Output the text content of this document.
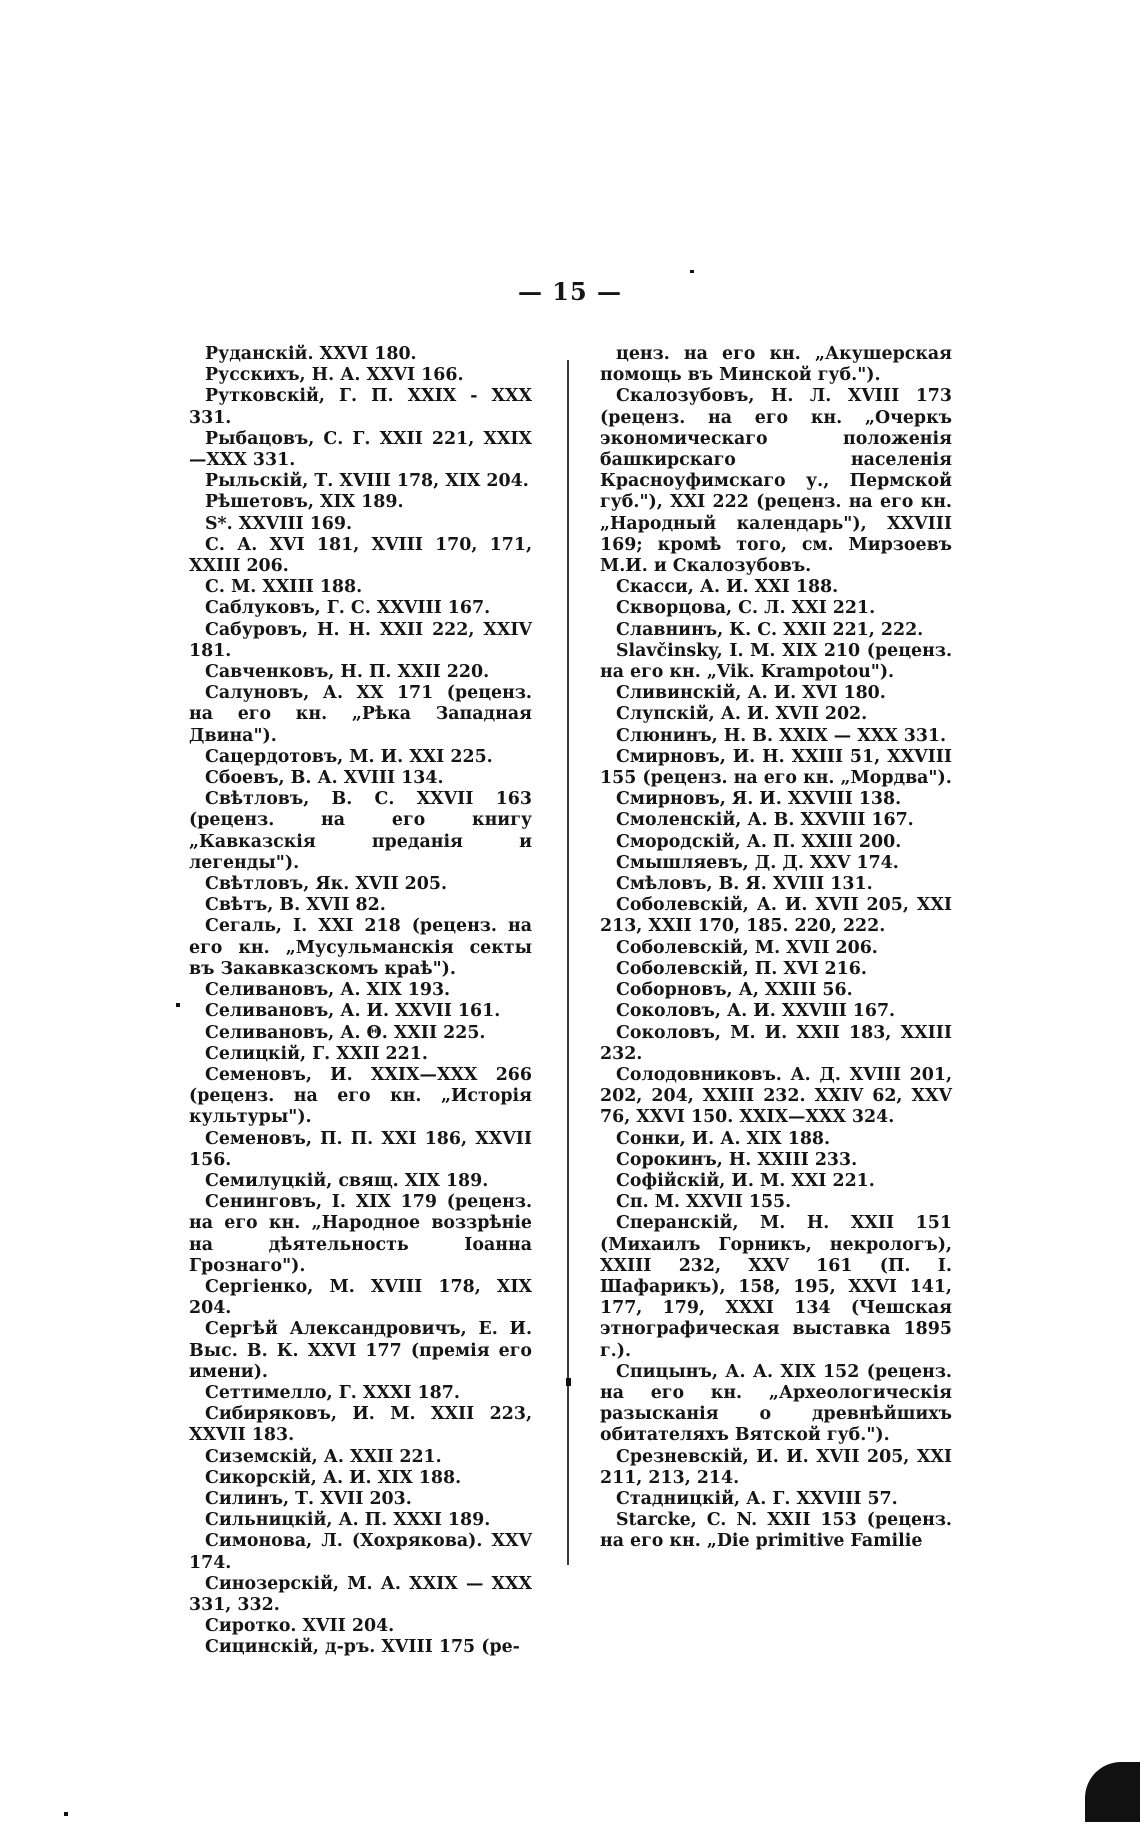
— 15 —

Руданскій. XXVI 180.

Русскихъ, Н. А. XXVI 166.

Рутковскій, Г. П. XXIX - XXX 331.

Рыбацовъ, С. Г. XXII 221, XXIX—XXX 331.

Рыльскій, Т. XVIII 178, XIX 204.

Рѣшетовъ, XIX 189.

S*. XXVIII 169.

С. А. XVI 181, XVIII 170, 171, XXIII 206.

С. М. XXIII 188.

Саблуковъ, Г. С. XXVIII 167.

Сабуровъ, Н. Н. XXII 222, XXIV 181.

Савченковъ, Н. П. XXII 220.

Салуновъ, А. XX 171 (реценз. на его кн. „Рѣка Западная Двина").

Сацердотовъ, М. И. XXI 225.

Сбоевъ, В. А. XVIII 134.

Свѣтловъ, В. С. XXVII 163 (реценз. на его книгу „Кавказскія преданія и легенды").

Свѣтловъ, Як. XVII 205.

Свѣтъ, В. XVII 82.

Сегаль, I. XXI 218 (реценз. на его кн. „Мусульманскія секты въ Закавказскомъ краѣ").

Селивановъ, А. XIX 193.

Селивановъ, А. И. XXVII 161.

Селивановъ, А. Θ. XXII 225.

Селицкій, Г. XXII 221.

Семеновъ, И. XXIX—XXX 266 (реценз. на его кн. „Исторія культуры").

Семеновъ, П. П. XXI 186, XXVII 156.

Семилуцкій, свящ. XIX 189.

Сенинговъ, I. XIX 179 (реценз. на его кн. „Народное воззрѣніе на дѣятельность Іоанна Грознаго").

Сергіенко, М. XVIII 178, XIX 204.

Сергѣй Александровичъ, Е. И. Выс. В. К. XXVI 177 (премія его имени).

Сеттимелло, Г. XXXI 187.

Сибиряковъ, И. М. XXII 223, XXVII 183.

Сиземскій, А. XXII 221.

Сикорскій, А. И. XIX 188.

Силинъ, Т. XVII 203.

Сильницкій, А. П. XXXI 189.

Симонова, Л. (Хохрякова). XXV 174.

Синозерскій, М. А. XXIX — XXX 331, 332.

Сиротко. XVII 204.

Сицинскій, д-ръ. XVIII 175 (ре-

ценз. на его кн. „Акушерская помощь въ Минской губ.").

Скалозубовъ, Н. Л. XVIII 173 (реценз. на его кн. „Очеркъ экономическаго положенія башкирскаго населенія Красноуфимскаго у., Пермской губ."), XXI 222 (реценз. на его кн. „Народный календарь"), XXVIII 169; кромѣ того, см. Мирзоевъ М.И. и Скалозубовъ.

Скасси, А. И. XXI 188.

Скворцова, С. Л. XXI 221.

Славнинъ, К. С. XXII 221, 222.

Slavčinsky, I. M. XIX 210 (реценз. на его кн. „Vik. Krampotou").

Сливинскій, А. И. XVI 180.

Слупскій, А. И. XVII 202.

Слюнинъ, Н. В. XXIX — XXX 331.

Смирновъ, И. Н. XXIII 51, XXVIII 155 (реценз. на его кн. „Мордва").

Смирновъ, Я. И. XXVIII 138.

Смоленскій, А. В. XXVIII 167.

Смородскій, А. П. XXIII 200.

Смышляевъ, Д. Д. XXV 174.

Смѣловъ, В. Я. XVIII 131.

Соболевскій, А. И. XVII 205, XXI 213, XXII 170, 185. 220, 222.

Соболевскій, М. XVII 206.

Соболевскій, П. XVI 216.

Соборновъ, А, XXIII 56.

Соколовъ, А. И. XXVIII 167.

Соколовъ, М. И. XXII 183, XXIII 232.

Солодовниковъ. А. Д. XVIII 201, 202, 204, XXIII 232. XXIV 62, XXV 76, XXVI 150. XXIX—XXX 324.

Сонки, И. А. XIX 188.

Сорокинъ, Н. XXIII 233.

Софійскій, И. М. XXI 221.

Сп. М. XXVII 155.

Сперанскій, М. Н. XXII 151 (Михаилъ Горникъ, некрологъ), XXIII 232, XXV 161 (П. I. Шафарикъ), 158, 195, XXVI 141, 177, 179, XXXI 134 (Чешская этнографическая выставка 1895 г.).

Спицынъ, А. А. XIX 152 (реценз. на его кн. „Археологическія разысканія о древнѣйшихъ обитателяхъ Вятской губ.").

Срезневскій, И. И. XVII 205, XXI 211, 213, 214.

Стадницкій, А. Г. XXVIII 57.

Starcke, C. N. XXII 153 (реценз. на его кн. „Die primitive Familie
